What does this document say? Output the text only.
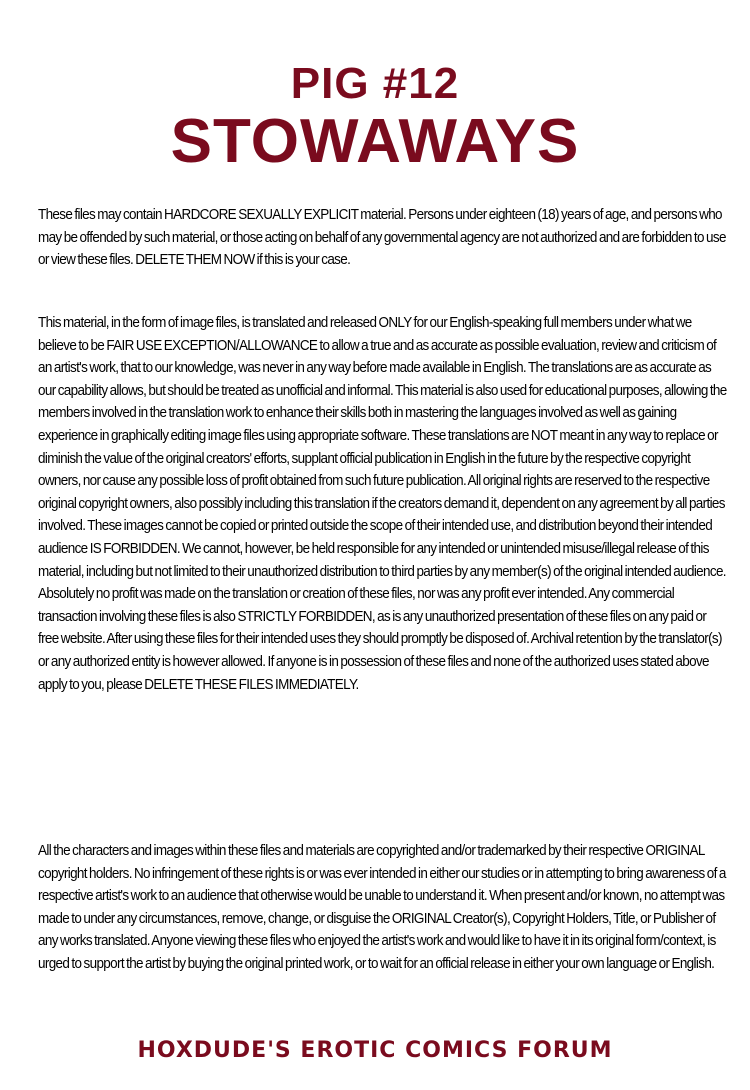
PIG #12
STOWAWAYS

These files may contain HARDCORE SEXUALLY EXPLICIT material. Persons under eighteen (18) years of age, and persons who may be offended by such material, or those acting on behalf of any governmental agency are not authorized and are forbidden to use or view these files. DELETE THEM NOW if this is your case.

This material, in the form of image files, is translated and released ONLY for our English-speaking full members under what we believe to be FAIR USE EXCEPTION/ALLOWANCE to allow a true and as accurate as possible evaluation, review and criticism of an artist's work, that to our knowledge, was never in any way before made available in English. The translations are as accurate as our capability allows, but should be treated as unofficial and informal. This material is also used for educational purposes, allowing the members involved in the translation work to enhance their skills both in mastering the languages involved as well as gaining experience in graphically editing image files using appropriate software. These translations are NOT meant in any way to replace or diminish the value of the original creators' efforts, supplant official publication in English in the future by the respective copyright owners, nor cause any possible loss of profit obtained from such future publication. All original rights are reserved to the respective original copyright owners, also possibly including this translation if the creators demand it, dependent on any agreement by all parties involved. These images cannot be copied or printed outside the scope of their intended use, and distribution beyond their intended audience IS FORBIDDEN. We cannot, however, be held responsible for any intended or unintended misuse/illegal release of this material, including but not limited to their unauthorized distribution to third parties by any member(s) of the original intended audience. Absolutely no profit was made on the translation or creation of these files, nor was any profit ever intended. Any commercial transaction involving these files is also STRICTLY FORBIDDEN, as is any unauthorized presentation of these files on any paid or free website. After using these files for their intended uses they should promptly be disposed of. Archival retention by the translator(s) or any authorized entity is however allowed. If anyone is in possession of these files and none of the authorized uses stated above apply to you, please DELETE THESE FILES IMMEDIATELY.

All the characters and images within these files and materials are copyrighted and/or trademarked by their respective ORIGINAL copyright holders. No infringement of these rights is or was ever intended in either our studies or in attempting to bring awareness of a respective artist's work to an audience that otherwise would be unable to understand it. When present and/or known, no attempt was made to under any circumstances, remove, change, or disguise the ORIGINAL Creator(s), Copyright Holders, Title, or Publisher of any works translated. Anyone viewing these files who enjoyed the artist's work and would like to have it in its original form/context, is urged to support the artist by buying the original printed work, or to wait for an official release in either your own language or English.

HOXDUDE'S EROTIC COMICS FORUM
